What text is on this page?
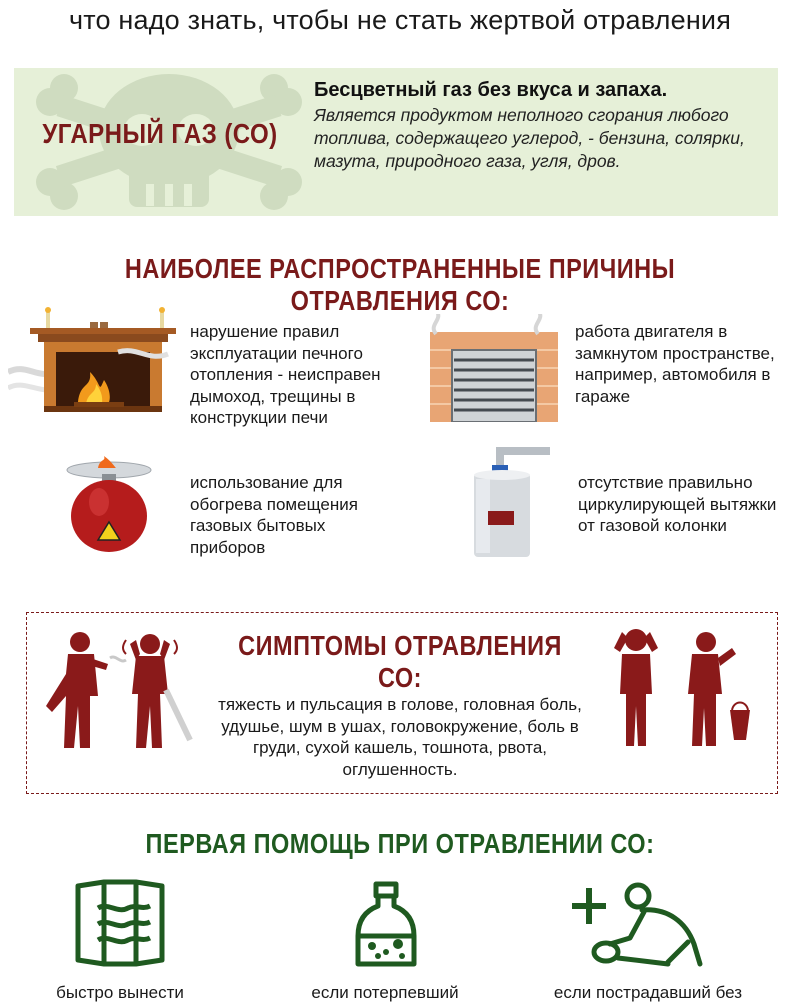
что надо знать, чтобы не стать жертвой отравления
УГАРНЫЙ ГАЗ (СО)
Бесцветный газ без вкуса и запаха.
Является продуктом неполного сгорания любого топлива, содержащего углерод, - бензина, солярки, мазута, природного газа, угля, дров.
НАИБОЛЕЕ РАСПРОСТРАНЕННЫЕ ПРИЧИНЫ ОТРАВЛЕНИЯ СО:
нарушение правил эксплуатации печного отопления - неисправен дымоход, трещины в конструкции печи
работа двигателя в замкнутом пространстве, например, автомобиля в гараже
использование для обогрева помещения газовых бытовых приборов
отсутствие правильно циркулирующей вытяжки от газовой колонки
СИМПТОМЫ ОТРАВЛЕНИЯ СО:
тяжесть и пульсация в голове, головная боль, удушье, шум в ушах, головокружение, боль в груди, сухой кашель, тошнота, рвота, оглушенность.
ПЕРВАЯ ПОМОЩЬ ПРИ ОТРАВЛЕНИИ СО:
быстро вынести	если потерпевший	если пострадавший без
